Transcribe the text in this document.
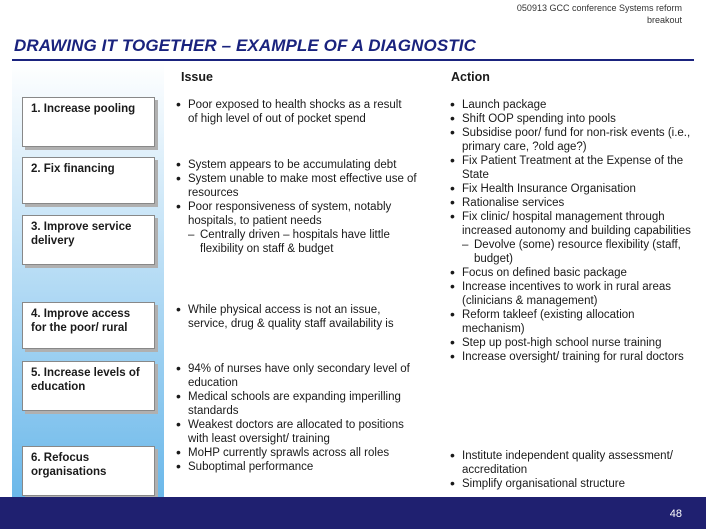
050913 GCC conference Systems reform
breakout
DRAWING IT TOGETHER – EXAMPLE OF A DIAGNOSTIC
Issue	Action
1. Increase pooling
2. Fix financing
3. Improve service delivery
4. Improve access for the poor/ rural
5. Increase levels of education
6. Refocus organisations
• Poor exposed to health shocks as a result of high level of out of pocket spend
• System appears to be accumulating debt
• System unable to make most effective use of resources
• Poor responsiveness of system, notably hospitals, to patient needs
– Centrally driven – hospitals have little flexibility on staff & budget
• While physical access is not an issue, service, drug & quality staff availability is
• 94% of nurses have only secondary level of education
• Medical schools are expanding imperilling standards
• Weakest doctors are allocated to positions with least oversight/ training
• MoHP currently sprawls across all roles
• Suboptimal performance
• Launch package
• Shift OOP spending into pools
• Subsidise poor/ fund for non-risk events (i.e., primary care, ?old age?)
• Fix Patient Treatment at the Expense of the State
• Fix Health Insurance Organisation
• Rationalise services
• Fix clinic/ hospital management through increased autonomy and building capabilities
– Devolve (some) resource flexibility (staff, budget)
• Focus on defined basic package
• Increase incentives to work in rural areas (clinicians & management)
• Reform takleef (existing allocation mechanism)
• Step up post-high school nurse training
• Increase oversight/ training for rural doctors
• Institute independent quality assessment/ accreditation
• Simplify organisational structure
48
